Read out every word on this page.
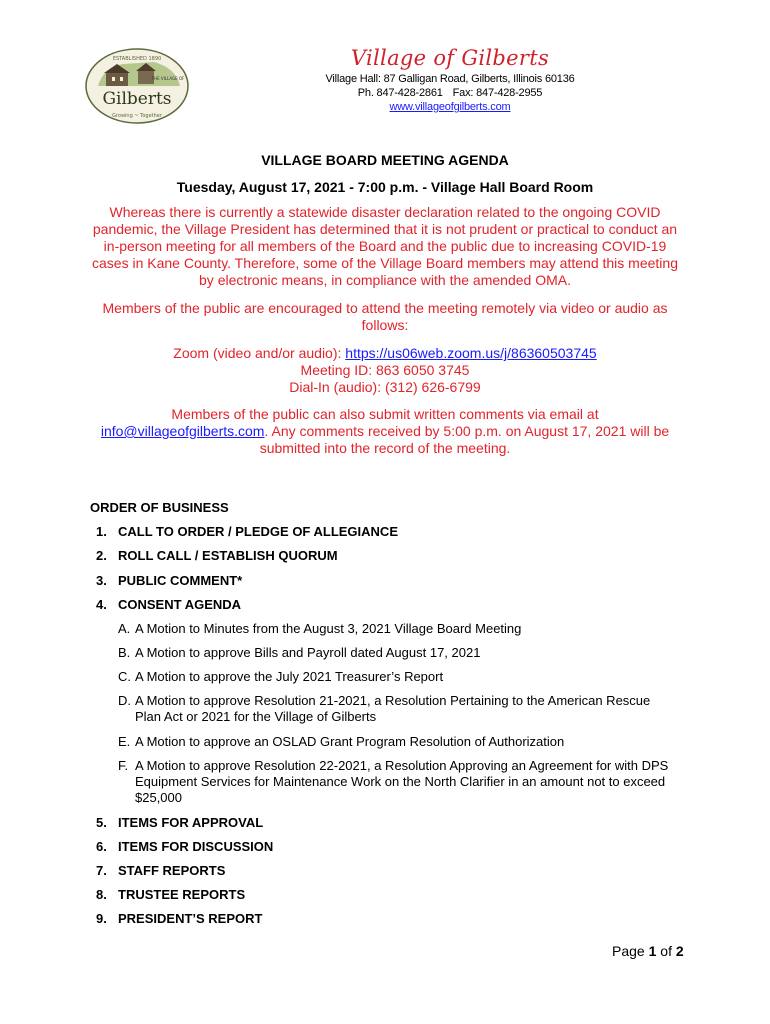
ESTABLISHED 1890
THE VILLAGE OF
Gilberts
Growing ~ Together
Village of Gilberts
Village Hall: 87 Galligan Road, Gilberts, Illinois 60136
Ph. 847-428-2861 Fax: 847-428-2955
www.villageofgilberts.com
VILLAGE BOARD MEETING AGENDA
Tuesday, August 17, 2021 - 7:00 p.m. - Village Hall Board Room
Whereas there is currently a statewide disaster declaration related to the ongoing COVID
pandemic, the Village President has determined that it is not prudent or practical to conduct an
in-person meeting for all members of the Board and the public due to increasing COVID-19
cases in Kane County. Therefore, some of the Village Board members may attend this meeting
by electronic means, in compliance with the amended OMA.
Members of the public are encouraged to attend the meeting remotely via video or audio as
follows:
Zoom (video and/or audio): https://us06web.zoom.us/j/86360503745
Meeting ID: 863 6050 3745
Dial-In (audio): (312) 626-6799
Members of the public can also submit written comments via email at
info@villageofgilberts.com. Any comments received by 5:00 p.m. on August 17, 2021 will be
submitted into the record of the meeting.
ORDER OF BUSINESS
1. CALL TO ORDER / PLEDGE OF ALLEGIANCE
2. ROLL CALL / ESTABLISH QUORUM
3. PUBLIC COMMENT*
4. CONSENT AGENDA
A. A Motion to Minutes from the August 3, 2021 Village Board Meeting
B. A Motion to approve Bills and Payroll dated August 17, 2021
C. A Motion to approve the July 2021 Treasurer’s Report
D. A Motion to approve Resolution 21-2021, a Resolution Pertaining to the American Rescue
Plan Act or 2021 for the Village of Gilberts
E. A Motion to approve an OSLAD Grant Program Resolution of Authorization
F. A Motion to approve Resolution 22-2021, a Resolution Approving an Agreement for with DPS
Equipment Services for Maintenance Work on the North Clarifier in an amount not to exceed
$25,000
5. ITEMS FOR APPROVAL
6. ITEMS FOR DISCUSSION
7. STAFF REPORTS
8. TRUSTEE REPORTS
9. PRESIDENT’S REPORT
Page 1 of 2
